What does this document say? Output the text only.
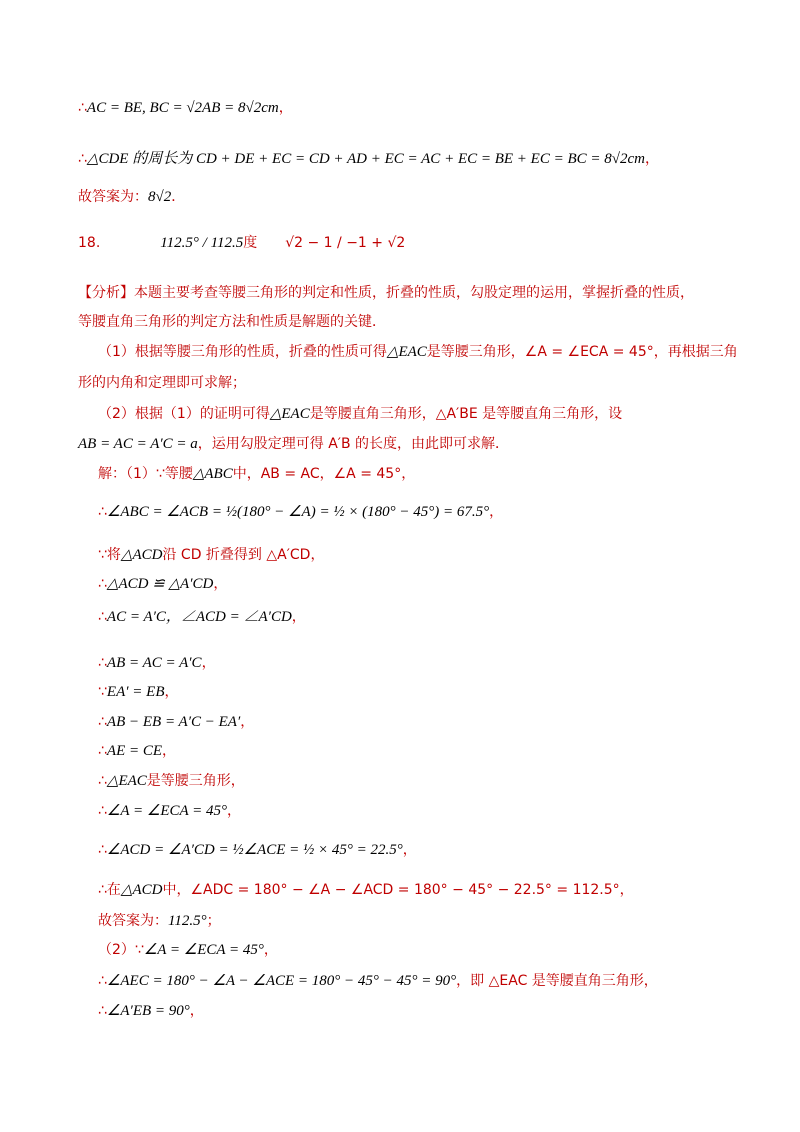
∴AC = BE, BC = √2AB = 8√2cm，
∴△CDE 的周长为 CD + DE + EC = CD + AD + EC = AC + EC = BE + EC = BC = 8√2cm，
故答案为：8√2．
18.	112.5° / 112.5度　　√2 − 1 / −1 + √2
【分析】本题主要考查等腰三角形的判定和性质，折叠的性质，勾股定理的运用，掌握折叠的性质，
等腰直角三角形的判定方法和性质是解题的关键．
（1）根据等腰三角形的性质，折叠的性质可得△EAC是等腰三角形，∠A = ∠ECA = 45°，再根据三角
形的内角和定理即可求解；
（2）根据（1）的证明可得△EAC是等腰直角三角形，△A′BE 是等腰直角三角形，设
AB = AC = A′C = a，运用勾股定理可得 A′B 的长度，由此即可求解．
解：（1）∵等腰△ABC中，AB = AC，∠A = 45°，
∴∠ABC = ∠ACB = ½(180° − ∠A) = ½ × (180° − 45°) = 67.5°，
∵将△ACD沿 CD 折叠得到 △A′CD，
∴△ACD ≌ △A′CD，
∴AC = A′C，∠ACD = ∠A′CD，
∴AB = AC = A′C，
∵EA′ = EB，
∴AB − EB = A′C − EA′，
∴AE = CE，
∴△EAC是等腰三角形，
∴∠A = ∠ECA = 45°，
∴∠ACD = ∠A′CD = ½∠ACE = ½ × 45° = 22.5°，
∴在△ACD中，∠ADC = 180° − ∠A − ∠ACD = 180° − 45° − 22.5° = 112.5°，
故答案为：112.5°；
（2）∵∠A = ∠ECA = 45°，
∴∠AEC = 180° − ∠A − ∠ACE = 180° − 45° − 45° = 90°，即 △EAC 是等腰直角三角形，
∴∠A′EB = 90°，
